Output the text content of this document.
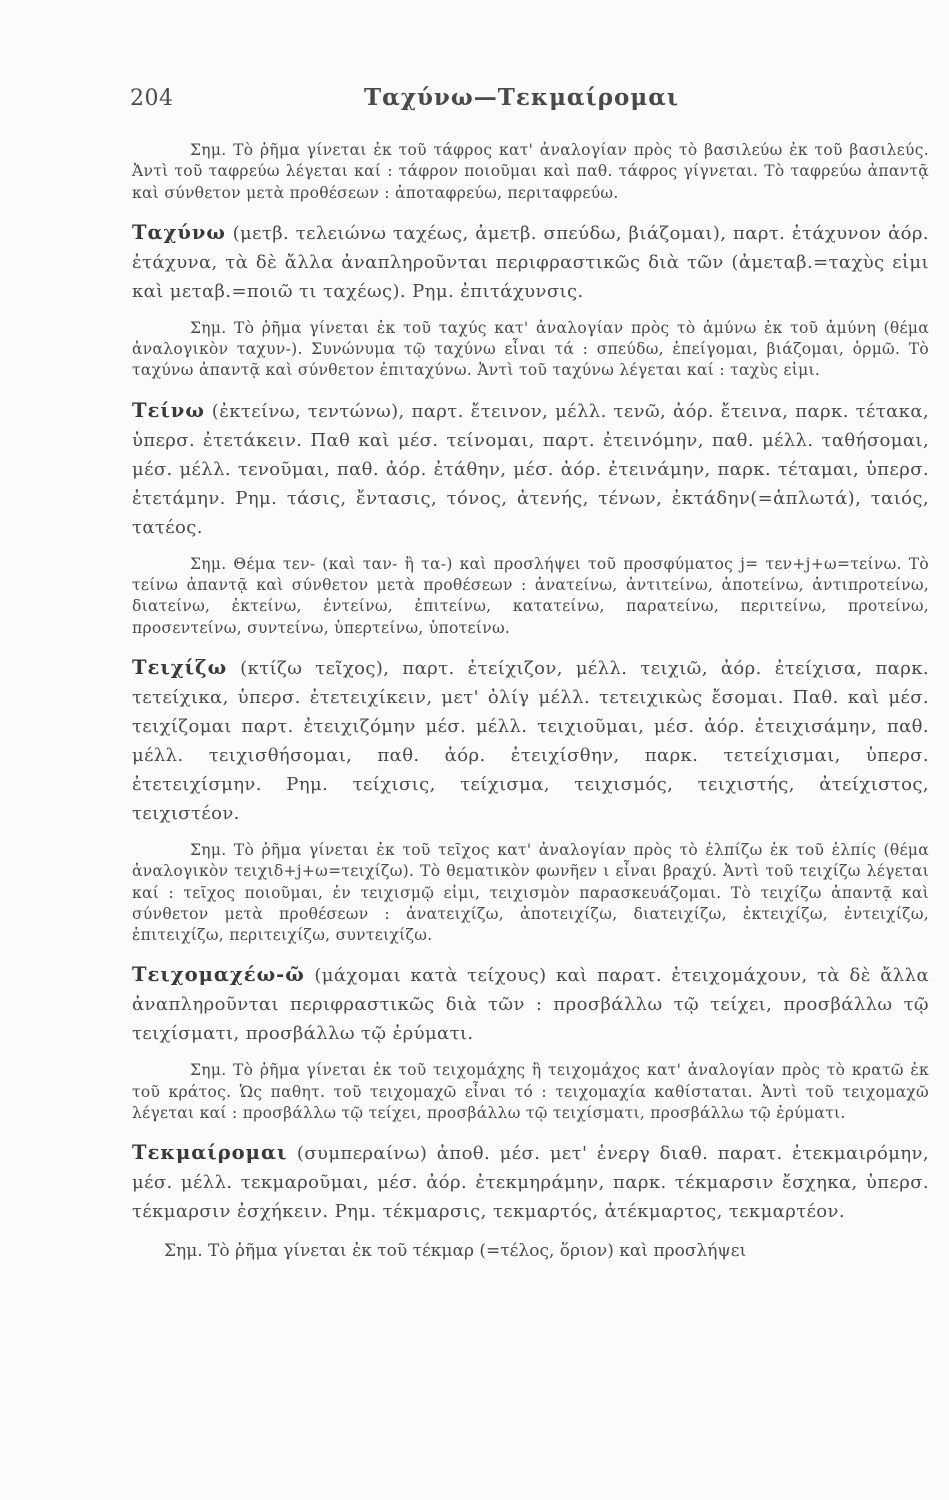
204	Ταχύνω—Τεκμαίρομαι

Σημ. Τὸ ῥῆμα γίνεται ἐκ τοῦ τάφρος κατ' ἀναλογίαν πρὸς τὸ βασιλεύω ἐκ τοῦ βασιλεύς. Ἀντὶ τοῦ ταφρεύω λέγεται καί : τάφρον ποιοῦμαι καὶ παθ. τάφρος γίγνεται. Τὸ ταφρεύω ἀπαντᾷ καὶ σύνθετον μετὰ προθέσεων : ἀποταφρεύω, περιταφρεύω.

Ταχύνω (μετβ. τελειώνω ταχέως, ἀμετβ. σπεύδω, βιάζομαι), παρτ. ἐτάχυνον ἀόρ. ἐτάχυνα, τὰ δὲ ἄλλα ἀναπληροῦνται περιφραστικῶς διὰ τῶν (ἀμεταβ.=ταχὺς εἰμι καὶ μεταβ.=ποιῶ τι ταχέως). Ρημ. ἐπιτάχυνσις.

Σημ. Τὸ ῥῆμα γίνεται ἐκ τοῦ ταχύς κατ' ἀναλογίαν πρὸς τὸ ἀμύνω ἐκ τοῦ ἀμύνη (θέμα ἀναλογικὸν ταχυν-). Συνώνυμα τῷ ταχύνω εἶναι τά : σπεύδω, ἐπείγομαι, βιάζομαι, ὁρμῶ. Τὸ ταχύνω ἀπαντᾷ καὶ σύνθετον ἐπιταχύνω. Ἀντὶ τοῦ ταχύνω λέγεται καί : ταχὺς εἰμι.

Τείνω (ἐκτείνω, τεντώνω), παρτ. ἔτεινον, μέλλ. τενῶ, ἀόρ. ἔτεινα, παρκ. τέτακα, ὑπερσ. ἐτετάκειν. Παθ καὶ μέσ. τείνομαι, παρτ. ἐτεινόμην, παθ. μέλλ. ταθήσομαι, μέσ. μέλλ. τενοῦμαι, παθ. ἀόρ. ἐτάθην, μέσ. ἀόρ. ἐτεινάμην, παρκ. τέταμαι, ὑπερσ. ἐτετάμην. Ρημ. τάσις, ἔντασις, τόνος, ἀτενής, τένων, ἐκτάδην(=ἁπλωτά), ταιός, τατέος.

Σημ. Θέμα τεν- (καὶ ταν- ἢ τα-) καὶ προσλήψει τοῦ προσφύματος j= τεν+j+ω=τείνω. Τὸ τείνω ἀπαντᾷ καὶ σύνθετον μετὰ προθέσεων : ἀνατείνω, ἀντιτείνω, ἀποτείνω, ἀντιπροτείνω, διατείνω, ἐκτείνω, ἐντείνω, ἐπιτείνω, κατατείνω, παρατείνω, περιτείνω, προτείνω, προσεντείνω, συντείνω, ὑπερτείνω, ὑποτείνω.

Τειχίζω (κτίζω τεῖχος), παρτ. ἐτείχιζον, μέλλ. τειχιῶ, ἀόρ. ἐτείχισα, παρκ. τετείχικα, ὑπερσ. ἐτετειχίκειν, μετ' ὀλίγ μέλλ. τετειχικὼς ἔσομαι. Παθ. καὶ μέσ. τειχίζομαι παρτ. ἐτειχιζόμην μέσ. μέλλ. τειχιοῦμαι, μέσ. ἀόρ. ἐτειχισάμην, παθ. μέλλ. τειχισθήσομαι, παθ. ἀόρ. ἐτειχίσθην, παρκ. τετείχισμαι, ὑπερσ. ἐτετειχίσμην. Ρημ. τείχισις, τείχισμα, τειχισμός, τειχιστής, ἀτείχιστος, τειχιστέον.

Σημ. Τὸ ῥῆμα γίνεται ἐκ τοῦ τεῖχος κατ' ἀναλογίαν πρὸς τὸ ἐλπίζω ἐκ τοῦ ἐλπίς (θέμα ἀναλογικὸν τειχιδ+j+ω=τειχίζω). Τὸ θεματικὸν φωνῆεν ι εἶναι βραχύ. Ἀντὶ τοῦ τειχίζω λέγεται καί : τεῖχος ποιοῦμαι, ἐν τειχισμῷ εἰμι, τειχισμὸν παρασκευάζομαι. Τὸ τειχίζω ἀπαντᾷ καὶ σύνθετον μετὰ προθέσεων : ἀνατειχίζω, ἀποτειχίζω, διατειχίζω, ἐκτειχίζω, ἐντειχίζω, ἐπιτειχίζω, περιτειχίζω, συντειχίζω.

Τειχομαχέω-ῶ (μάχομαι κατὰ τείχους) καὶ παρατ. ἐτειχομάχουν, τὰ δὲ ἄλλα ἀναπληροῦνται περιφραστικῶς διὰ τῶν : προσβάλλω τῷ τείχει, προσβάλλω τῷ τειχίσματι, προσβάλλω τῷ ἐρύματι.

Σημ. Τὸ ῥῆμα γίνεται ἐκ τοῦ τειχομάχης ἢ τειχομάχος κατ' ἀναλογίαν πρὸς τὸ κρατῶ ἐκ τοῦ κράτος. Ὡς παθητ. τοῦ τειχομαχῶ εἶναι τό : τειχομαχία καθίσταται. Ἀντὶ τοῦ τειχομαχῶ λέγεται καί : προσβάλλω τῷ τείχει, προσβάλλω τῷ τειχίσματι, προσβάλλω τῷ ἐρύματι.

Τεκμαίρομαι (συμπεραίνω) ἀποθ. μέσ. μετ' ἐνεργ διαθ. παρατ. ἐτεκμαιρόμην, μέσ. μέλλ. τεκμαροῦμαι, μέσ. ἀόρ. ἐτεκμηράμην, παρκ. τέκμαρσιν ἔσχηκα, ὑπερσ. τέκμαρσιν ἐσχήκειν. Ρημ. τέκμαρσις, τεκμαρτός, ἀτέκμαρτος, τεκμαρτέον.

Σημ. Τὸ ῥῆμα γίνεται ἐκ τοῦ τέκμαρ (=τέλος, ὅριον) καὶ προσλήψει
